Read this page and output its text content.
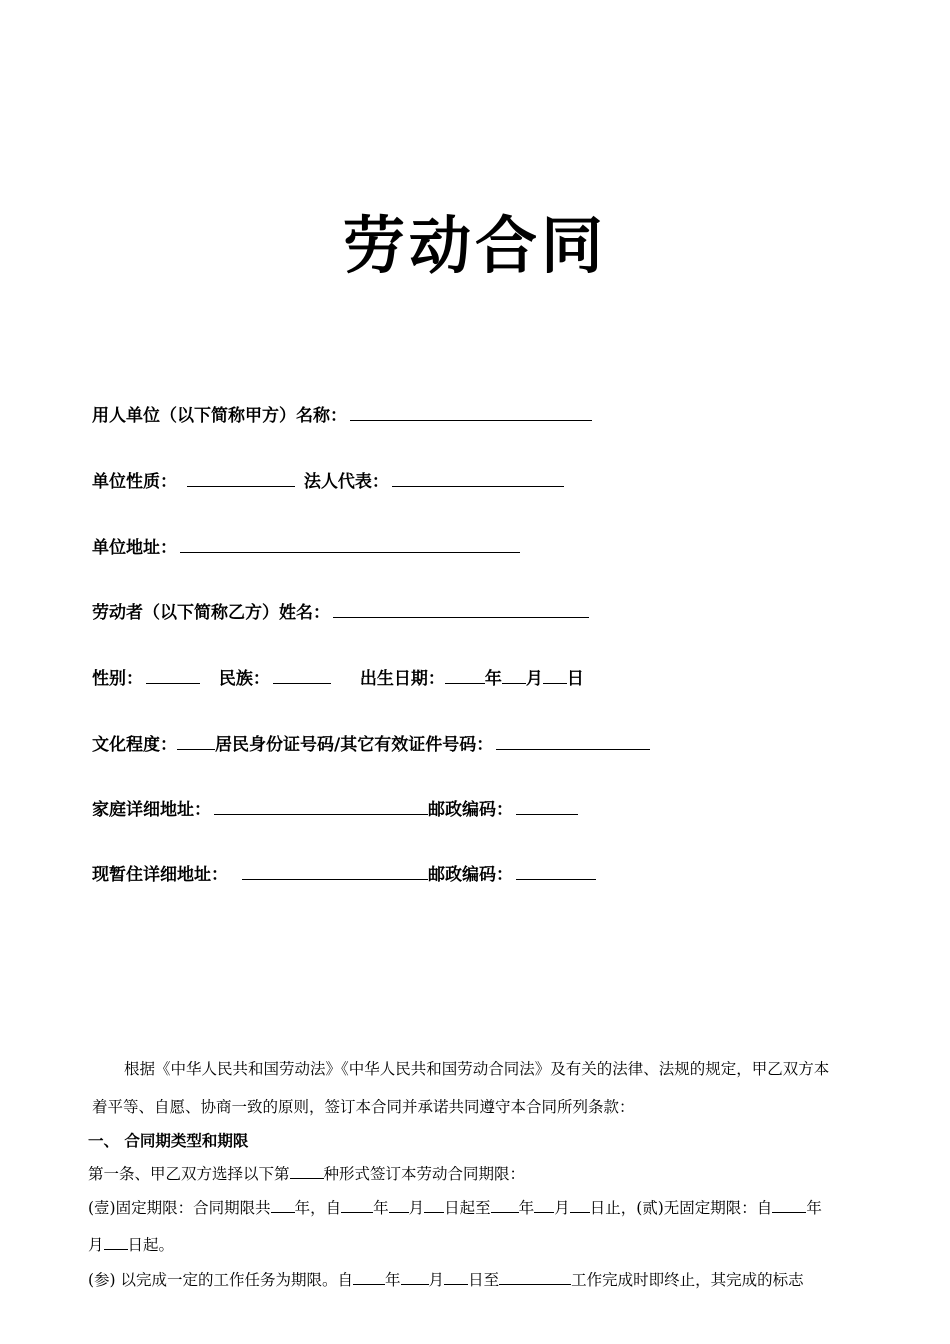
劳动合同
用人单位（以下简称甲方）名称：
单位性质：	法人代表：
单位地址：
劳动者（以下简称乙方）姓名：
性别：	民族：	出生日期： 年 月 日
文化程度： 居民身份证号码/其它有效证件号码：
家庭详细地址：	邮政编码：
现暂住详细地址：	邮政编码：
根据《中华人民共和国劳动法》《中华人民共和国劳动合同法》及有关的法律、法规的规定，甲乙双方本
着平等、自愿、协商一致的原则，签订本合同并承诺共同遵守本合同所列条款：
一、 合同期类型和期限
第一条、甲乙双方选择以下第 种形式签订本劳动合同期限：
(壹)固定期限：合同期限共 年，自 年 月 日起至 年 月 日止，(贰)无固定期限：自 年
月 日起。
(参) 以完成一定的工作任务为期限。自 年 月 日至	工作完成时即终止，其完成的标志
